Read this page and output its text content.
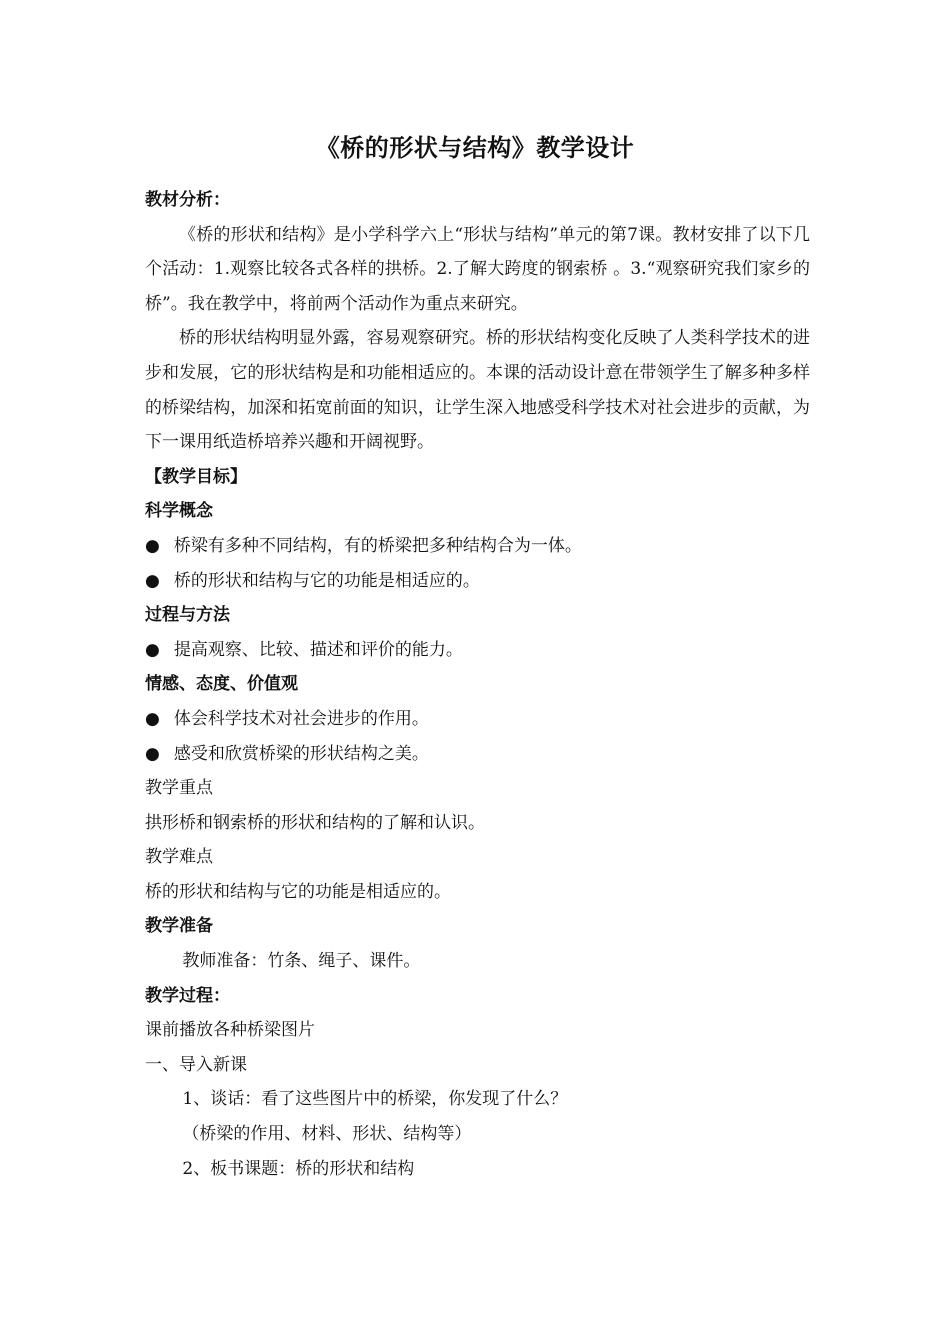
《桥的形状与结构》教学设计

教材分析：

《桥的形状和结构》是小学科学六上“形状与结构”单元的第7课。教材安排了以下几个活动：1.观察比较各式各样的拱桥。2.了解大跨度的钢索桥 。3.“观察研究我们家乡的桥”。我在教学中，将前两个活动作为重点来研究。

桥的形状结构明显外露，容易观察研究。桥的形状结构变化反映了人类科学技术的进步和发展，它的形状结构是和功能相适应的。本课的活动设计意在带领学生了解多种多样的桥梁结构，加深和拓宽前面的知识，让学生深入地感受科学技术对社会进步的贡献，为下一课用纸造桥培养兴趣和开阔视野。

【教学目标】

科学概念

● 桥梁有多种不同结构，有的桥梁把多种结构合为一体。

● 桥的形状和结构与它的功能是相适应的。

过程与方法

● 提高观察、比较、描述和评价的能力。

情感、态度、价值观

● 体会科学技术对社会进步的作用。

● 感受和欣赏桥梁的形状结构之美。

教学重点

拱形桥和钢索桥的形状和结构的了解和认识。

教学难点

桥的形状和结构与它的功能是相适应的。

教学准备

教师准备：竹条、绳子、课件。

教学过程：

课前播放各种桥梁图片

一、导入新课

1、谈话：看了这些图片中的桥梁，你发现了什么？

（桥梁的作用、材料、形状、结构等）

2、板书课题：桥的形状和结构
